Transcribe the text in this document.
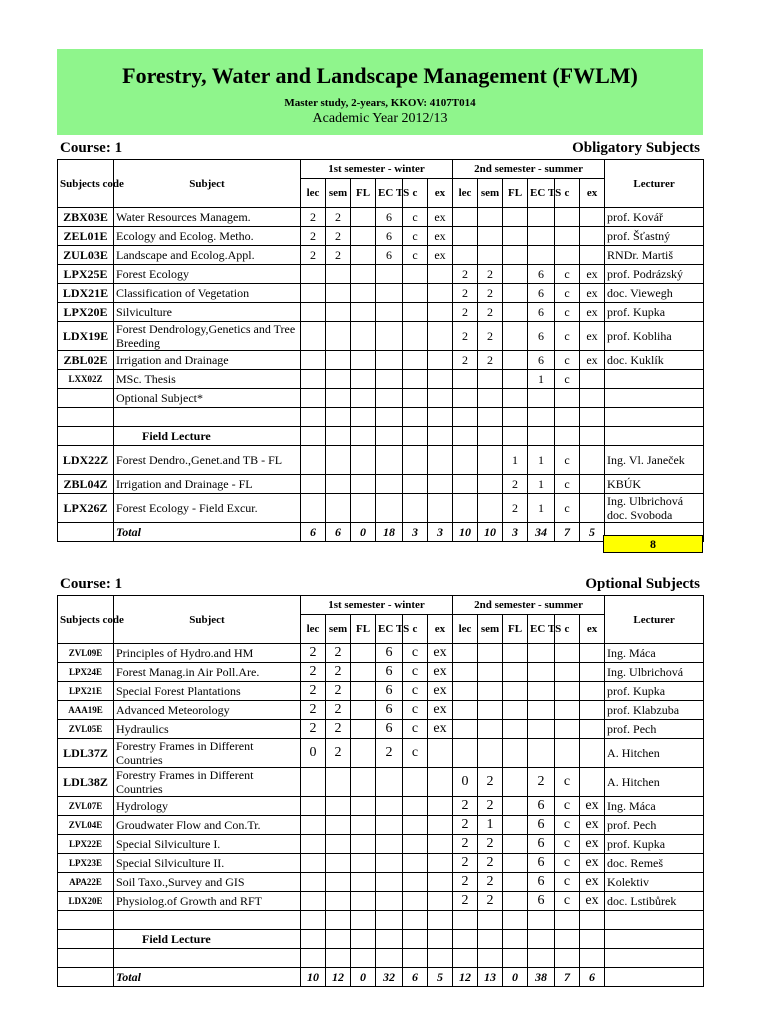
Forestry, Water and Landscape Management (FWLM)
Master study, 2-years, KKOV: 4107T014
Academic Year 2012/13
Course: 1	Obligatory Subjects
Subjects code	Subject	1st semester - winter						2nd semester - summer						Lecturer
		lec	sem	FL	EC TS	c	ex	lec	sem	FL	EC TS	c	ex	
ZBX03E	Water Resources Managem.	2	2		6	c	ex							prof. Kovář
ZEL01E	Ecology and Ecolog. Metho.	2	2		6	c	ex							prof. Šťastný
ZUL03E	Landscape and Ecolog.Appl.	2	2		6	c	ex							RNDr. Martiš
LPX25E	Forest Ecology							2	2		6	c	ex	prof. Podrázský
LDX21E	Classification of Vegetation							2	2		6	c	ex	doc. Viewegh
LPX20E	Silviculture							2	2		6	c	ex	prof. Kupka
LDX19E	Forest Dendrology,Genetics and Tree Breeding							2	2		6	c	ex	prof. Kobliha
ZBL02E	Irrigation and Drainage							2	2		6	c	ex	doc. Kuklík
LXX02Z	MSc. Thesis										1	c		
	Optional Subject*													

	Field Lecture													
LDX22Z	Forest Dendro.,Genet.and TB - FL									1	1	c		Ing. Vl. Janeček
ZBL04Z	Irrigation and Drainage - FL									2	1	c		KBÚK
LPX26Z	Forest Ecology - Field Excur.									2	1	c		Ing. Ulbrichová doc. Svoboda
	Total	6	6	0	18	3	3	10	10	3	34	7	5	
8
Course: 1	Optional Subjects
Subjects code	Subject	1st semester - winter						2nd semester - summer						Lecturer
		lec	sem	FL	EC TS	c	ex	lec	sem	FL	EC TS	c	ex	
ZVL09E	Principles of Hydro.and HM	2	2		6	c	ex							Ing. Máca
LPX24E	Forest Manag.in Air Poll.Are.	2	2		6	c	ex							Ing. Ulbrichová
LPX21E	Special Forest Plantations	2	2		6	c	ex							prof. Kupka
AAA19E	Advanced Meteorology	2	2		6	c	ex							prof. Klabzuba
ZVL05E	Hydraulics	2	2		6	c	ex							prof. Pech
LDL37Z	Forestry Frames in Different Countries	0	2		2	c								A. Hitchen
LDL38Z	Forestry Frames in Different Countries							0	2		2	c		A. Hitchen
ZVL07E	Hydrology							2	2		6	c	ex	Ing. Máca
ZVL04E	Groudwater Flow and Con.Tr.							2	1		6	c	ex	prof. Pech
LPX22E	Special Silviculture I.							2	2		6	c	ex	prof. Kupka
LPX23E	Special Silviculture II.							2	2		6	c	ex	doc. Remeš
APA22E	Soil Taxo.,Survey and GIS							2	2		6	c	ex	Kolektiv
LDX20E	Physiolog.of Growth and RFT							2	2		6	c	ex	doc. Lstibůrek

	Field Lecture													

	Total	10	12	0	32	6	5	12	13	0	38	7	6	
